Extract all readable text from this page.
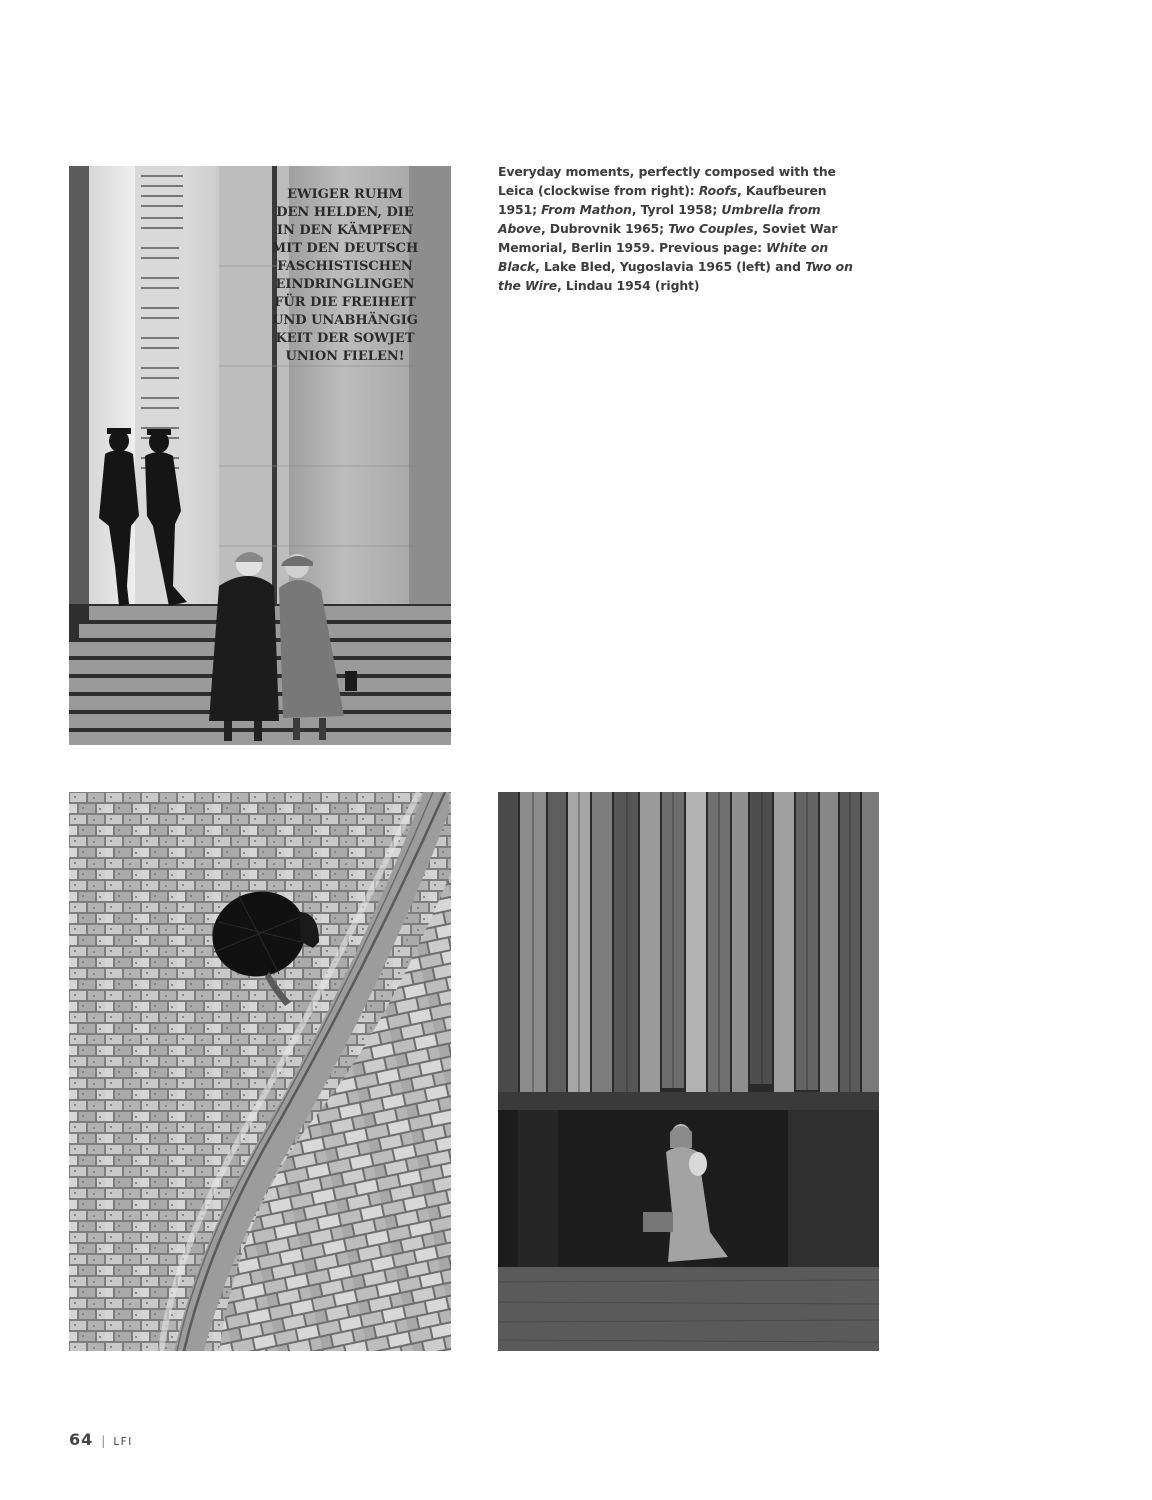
EWIGER RUHM
DEN HELDEN, DIE
IN DEN KÄMPFEN
MIT DEN DEUTSCH
FASCHISTISCHEN
EINDRINGLINGEN
FÜR DIE FREIHEIT
UND UNABHÄNGIG
KEIT DER SOWJET
UNION FIELEN!
Everyday moments, perfectly composed with the Leica (clockwise from right): Roofs, Kaufbeuren 1951; From Mathon, Tyrol 1958; Umbrella from Above, Dubrovnik 1965; Two Couples, Soviet War Memorial, Berlin 1959. Previous page: White on Black, Lake Bled, Yugoslavia 1965 (left) and Two on the Wire, Lindau 1954 (right)
64 | LFI
